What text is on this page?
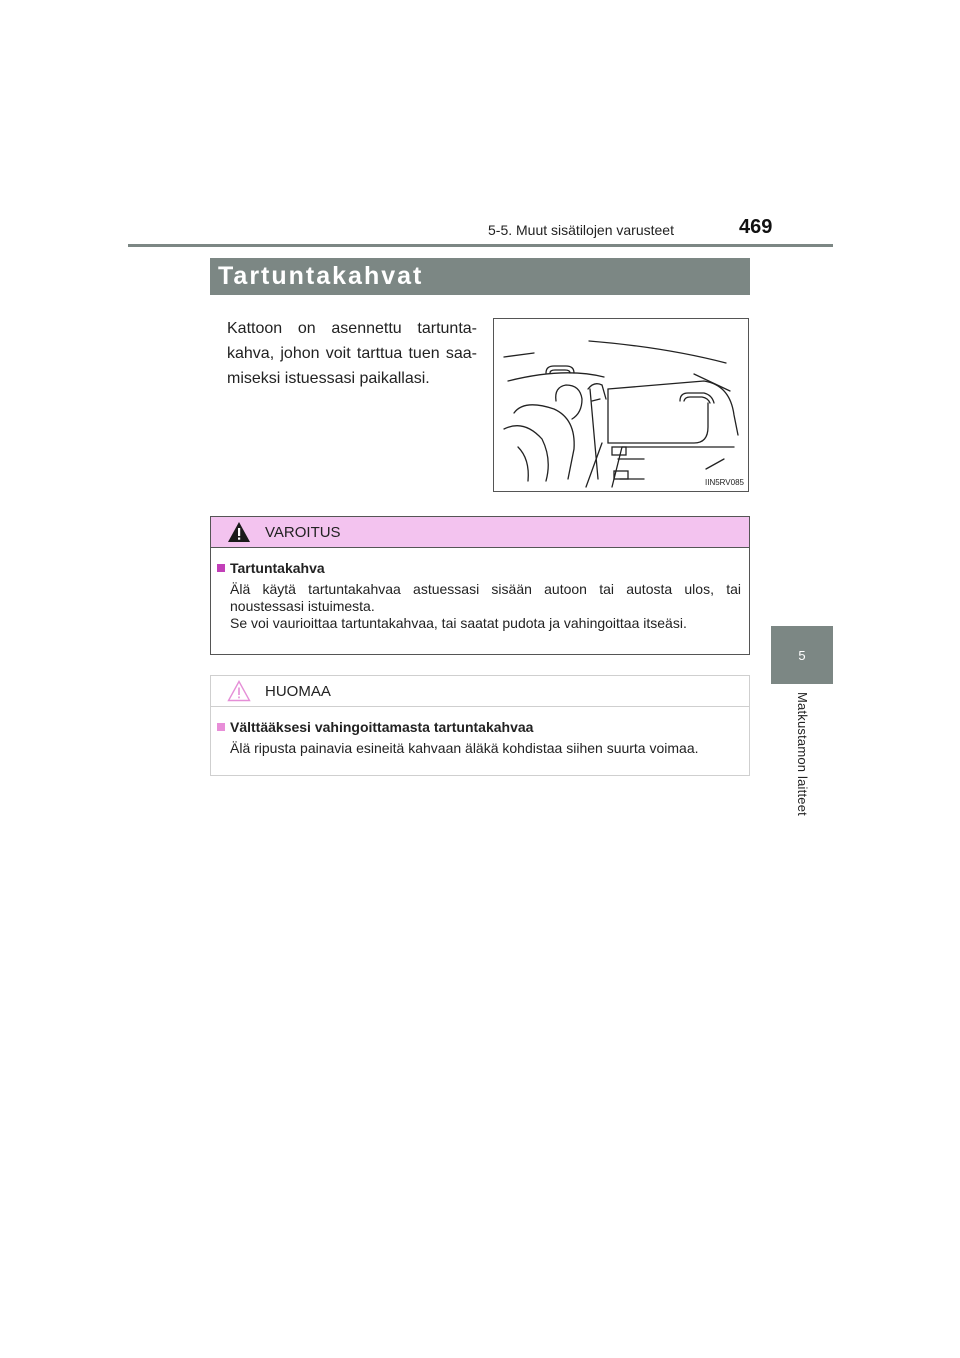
5-5. Muut sisätilojen varusteet	469
5
Matkustamon laitteet
Tartuntakahvat
Kattoon on asennettu tartunta-kahva, johon voit tarttua tuen saa-miseksi istuessasi paikallasi.
IIN5RV085
VAROITUS
Tartuntakahva
Älä käytä tartuntakahvaa astuessasi sisään autoon tai autosta ulos, tai noustessasi istuimesta.
Se voi vaurioittaa tartuntakahvaa, tai saatat pudota ja vahingoittaa itseäsi.
HUOMAA
Välttääksesi vahingoittamasta tartuntakahvaa
Älä ripusta painavia esineitä kahvaan äläkä kohdistaa siihen suurta voimaa.
